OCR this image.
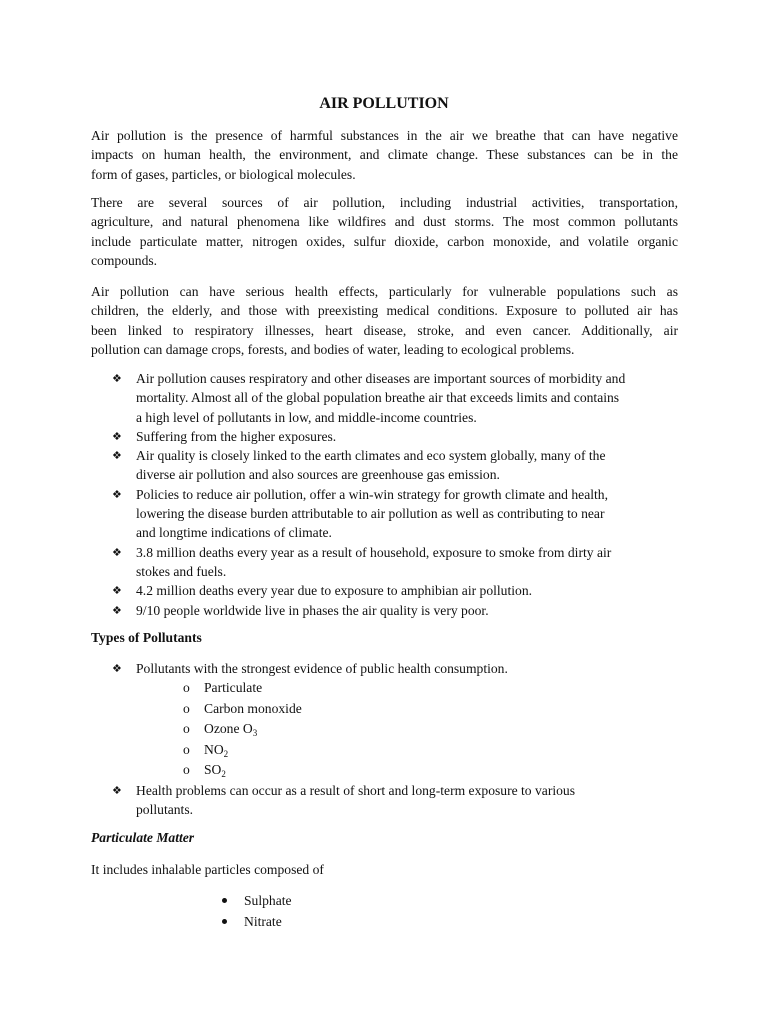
AIR POLLUTION
Air pollution is the presence of harmful substances in the air we breathe that can have negative
impacts on human health, the environment, and climate change. These substances can be in the
form of gases, particles, or biological molecules.
There are several sources of air pollution, including industrial activities, transportation,
agriculture, and natural phenomena like wildfires and dust storms. The most common pollutants
include particulate matter, nitrogen oxides, sulfur dioxide, carbon monoxide, and volatile organic
compounds.
Air pollution can have serious health effects, particularly for vulnerable populations such as
children, the elderly, and those with preexisting medical conditions. Exposure to polluted air has
been linked to respiratory illnesses, heart disease, stroke, and even cancer. Additionally, air
pollution can damage crops, forests, and bodies of water, leading to ecological problems.
❖ Air pollution causes respiratory and other diseases are important sources of morbidity and
mortality. Almost all of the global population breathe air that exceeds limits and contains
a high level of pollutants in low, and middle-income countries.
❖ Suffering from the higher exposures.
❖ Air quality is closely linked to the earth climates and eco system globally, many of the
diverse air pollution and also sources are greenhouse gas emission.
❖ Policies to reduce air pollution, offer a win-win strategy for growth climate and health,
lowering the disease burden attributable to air pollution as well as contributing to near
and longtime indications of climate.
❖ 3.8 million deaths every year as a result of household, exposure to smoke from dirty air
stokes and fuels.
❖ 4.2 million deaths every year due to exposure to amphibian air pollution.
❖ 9/10 people worldwide live in phases the air quality is very poor.
Types of Pollutants
❖ Pollutants with the strongest evidence of public health consumption.
o Particulate
o Carbon monoxide
o Ozone $O_3$
o $NO_2$
o $SO_2$
❖ Health problems can occur as a result of short and long-term exposure to various
pollutants.
Particulate Matter
It includes inhalable particles composed of
Sulphate
Nitrate
